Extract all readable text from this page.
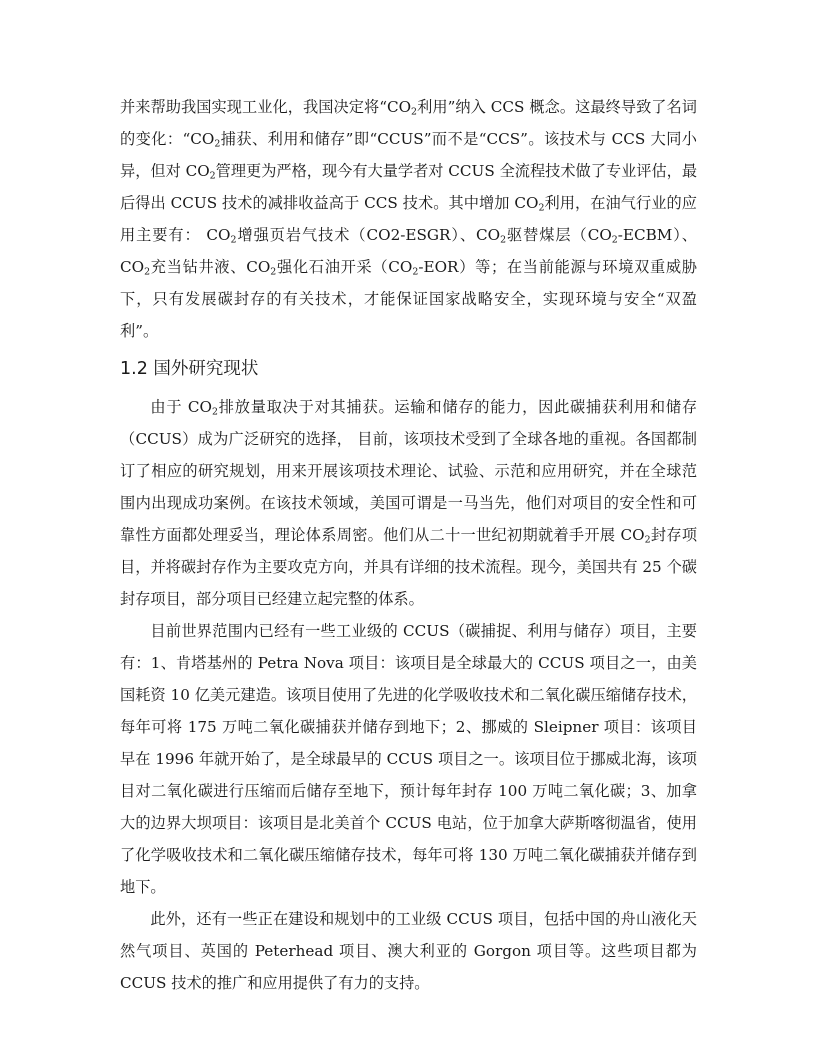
并来帮助我国实现工业化，我国决定将“$CO_2$利用”纳入 CCS 概念。这最终导致了名词的变化：“$CO_2$捕获、利用和储存”即“CCUS”而不是“CCS”。该技术与 CCS 大同小异，但对 $CO_2$管理更为严格，现今有大量学者对 CCUS 全流程技术做了专业评估，最后得出 CCUS 技术的减排收益高于 CCS 技术。其中增加 $CO_2$利用，在油气行业的应用主要有： $CO_2$增强页岩气技术（CO2-ESGR）、$CO_2$驱替煤层$(CO_2-ECBM)$、$CO_2$充当钻井液、$CO_2$强化石油开采$(CO_2-EOR)$等；在当前能源与环境双重威胁下，只有发展碳封存的有关技术，才能保证国家战略安全，实现环境与安全“双盈利”。

1.2 国外研究现状

由于 $CO_2$排放量取决于对其捕获。运输和储存的能力，因此碳捕获利用和储存（CCUS）成为广泛研究的选择， 目前，该项技术受到了全球各地的重视。各国都制订了相应的研究规划，用来开展该项技术理论、试验、示范和应用研究，并在全球范围内出现成功案例。在该技术领域，美国可谓是一马当先，他们对项目的安全性和可靠性方面都处理妥当，理论体系周密。他们从二十一世纪初期就着手开展 $CO_2$封存项目，并将碳封存作为主要攻克方向，并具有详细的技术流程。现今，美国共有 25 个碳封存项目，部分项目已经建立起完整的体系。

目前世界范围内已经有一些工业级的 CCUS（碳捕捉、利用与储存）项目，主要有：1、肯塔基州的 Petra Nova 项目：该项目是全球最大的 CCUS 项目之一，由美国耗资 10 亿美元建造。该项目使用了先进的化学吸收技术和二氧化碳压缩储存技术，每年可将 175 万吨二氧化碳捕获并储存到地下；2、挪威的 Sleipner 项目：该项目早在 1996 年就开始了，是全球最早的 CCUS 项目之一。该项目位于挪威北海，该项目对二氧化碳进行压缩而后储存至地下，预计每年封存 100 万吨二氧化碳；3、加拿大的边界大坝项目：该项目是北美首个 CCUS 电站，位于加拿大萨斯喀彻温省，使用了化学吸收技术和二氧化碳压缩储存技术，每年可将 130 万吨二氧化碳捕获并储存到地下。

此外，还有一些正在建设和规划中的工业级 CCUS 项目，包括中国的舟山液化天然气项目、英国的 Peterhead 项目、澳大利亚的 Gorgon 项目等。这些项目都为 CCUS 技术的推广和应用提供了有力的支持。
